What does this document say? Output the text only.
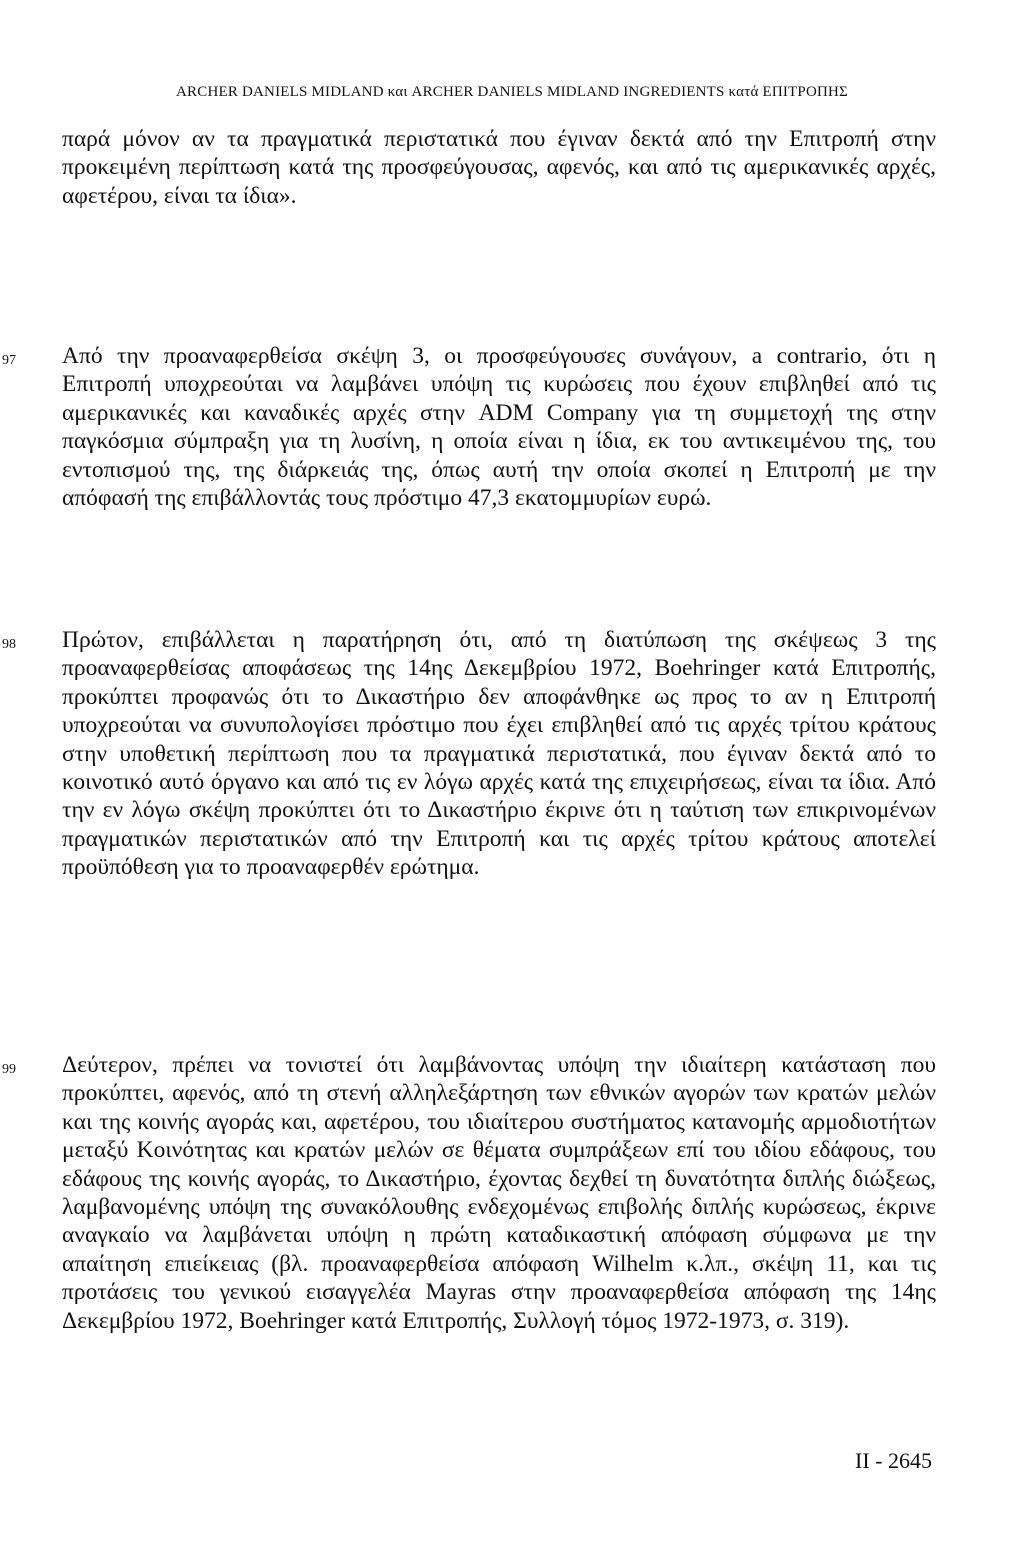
ARCHER DANIELS MIDLAND και ARCHER DANIELS MIDLAND INGREDIENTS κατά ΕΠΙΤΡΟΠΗΣ

παρά μόνον αν τα πραγματικά περιστατικά που έγιναν δεκτά από την Επιτροπή στην προκειμένη περίπτωση κατά της προσφεύγουσας, αφενός, και από τις αμερικανικές αρχές, αφετέρου, είναι τα ίδια».

Από την προαναφερθείσα σκέψη 3, οι προσφεύγουσες συνάγουν, a contrario, ότι η Επιτροπή υποχρεούται να λαμβάνει υπόψη τις κυρώσεις που έχουν επιβληθεί από τις αμερικανικές και καναδικές αρχές στην ADM Company για τη συμμετοχή της στην παγκόσμια σύμπραξη για τη λυσίνη, η οποία είναι η ίδια, εκ του αντικειμένου της, του εντοπισμού της, της διάρκειάς της, όπως αυτή την οποία σκοπεί η Επιτροπή με την απόφασή της επιβάλλοντάς τους πρόστιμο 47,3 εκατομμυρίων ευρώ.

97

Πρώτον, επιβάλλεται η παρατήρηση ότι, από τη διατύπωση της σκέψεως 3 της προαναφερθείσας αποφάσεως της 14ης Δεκεμβρίου 1972, Boehringer κατά Επιτροπής, προκύπτει προφανώς ότι το Δικαστήριο δεν αποφάνθηκε ως προς το αν η Επιτροπή υποχρεούται να συνυπολογίσει πρόστιμο που έχει επιβληθεί από τις αρχές τρίτου κράτους στην υποθετική περίπτωση που τα πραγματικά περιστατικά, που έγιναν δεκτά από το κοινοτικό αυτό όργανο και από τις εν λόγω αρχές κατά της επιχειρήσεως, είναι τα ίδια. Από την εν λόγω σκέψη προκύπτει ότι το Δικαστήριο έκρινε ότι η ταύτιση των επικρινομένων πραγματικών περιστατικών από την Επιτροπή και τις αρχές τρίτου κράτους αποτελεί προϋπόθεση για το προαναφερθέν ερώτημα.

98

Δεύτερον, πρέπει να τονιστεί ότι λαμβάνοντας υπόψη την ιδιαίτερη κατάσταση που προκύπτει, αφενός, από τη στενή αλληλεξάρτηση των εθνικών αγορών των κρατών μελών και της κοινής αγοράς και, αφετέρου, του ιδιαίτερου συστήματος κατανομής αρμοδιοτήτων μεταξύ Κοινότητας και κρατών μελών σε θέματα συμπράξεων επί του ιδίου εδάφους, του εδάφους της κοινής αγοράς, το Δικαστήριο, έχοντας δεχθεί τη δυνατότητα διπλής διώξεως, λαμβανομένης υπόψη της συνακόλουθης ενδεχομένως επιβολής διπλής κυρώσεως, έκρινε αναγκαίο να λαμβάνεται υπόψη η πρώτη καταδικαστική απόφαση σύμφωνα με την απαίτηση επιείκειας (βλ. προαναφερθείσα απόφαση Wilhelm κ.λπ., σκέψη 11, και τις προτάσεις του γενικού εισαγγελέα Mayras στην προαναφερθείσα απόφαση της 14ης Δεκεμβρίου 1972, Boehringer κατά Επιτροπής, Συλλογή τόμος 1972-1973, σ. 319).

99
II - 2645
